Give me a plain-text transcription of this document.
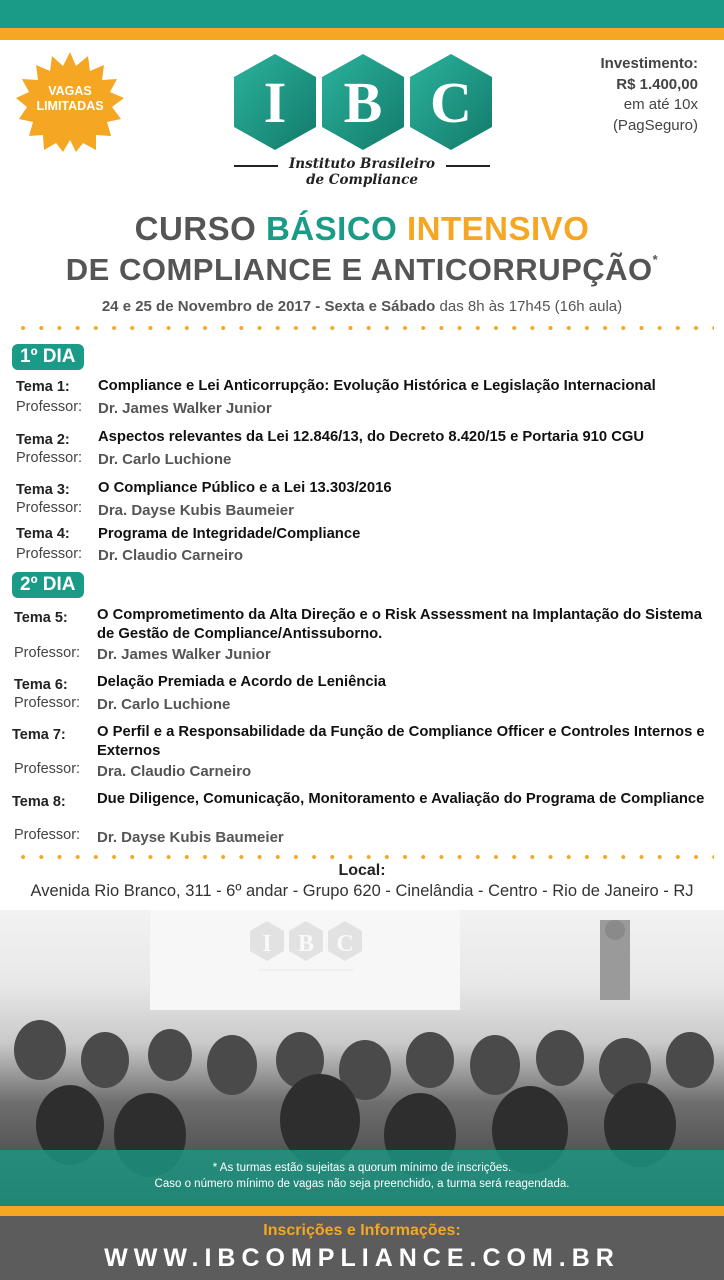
VAGAS
LIMITADAS	I B C
Instituto Brasileiro
de Compliance
Investimento:
R$ 1.400,00
em até 10x
(PagSeguro)
CURSO BÁSICO INTENSIVO
DE COMPLIANCE E ANTICORRUPÇÃO*
24 e 25 de Novembro de 2017 - Sexta e Sábado das 8h às 17h45 (16h aula)
1º DIA
Tema 1: Compliance e Lei Anticorrupção: Evolução Histórica e Legislação Internacional
Professor: Dr. James Walker Junior
Tema 2: Aspectos relevantes da Lei 12.846/13, do Decreto 8.420/15 e Portaria 910 CGU
Professor: Dr. Carlo Luchione
Tema 3: O Compliance Público e a Lei 13.303/2016
Professor: Dra. Dayse Kubis Baumeier
Tema 4: Programa de Integridade/Compliance
Professor: Dr. Claudio Carneiro
2º DIA
Tema 5: O Comprometimento da Alta Direção e o Risk Assessment na Implantação do Sistema de Gestão de Compliance/Antissuborno.
Professor: Dr. James Walker Junior
Tema 6: Delação Premiada e Acordo de Leniência
Professor: Dr. Carlo Luchione
Tema 7: O Perfil e a Responsabilidade da Função de Compliance Officer e Controles Internos e Externos
Professor: Dra. Claudio Carneiro
Tema 8: Due Diligence, Comunicação, Monitoramento e Avaliação do Programa de Compliance
Professor: Dr. Dayse Kubis Baumeier
Local:
Avenida Rio Branco, 311 - 6º andar - Grupo 620 - Cinelândia - Centro - Rio de Janeiro - RJ
I B C
* As turmas estão sujeitas a quorum mínimo de inscrições.
Caso o número mínimo de vagas não seja preenchido, a turma será reagendada.
Inscrições e Informações:
WWW.IBCOMPLIANCE.COM.BR
